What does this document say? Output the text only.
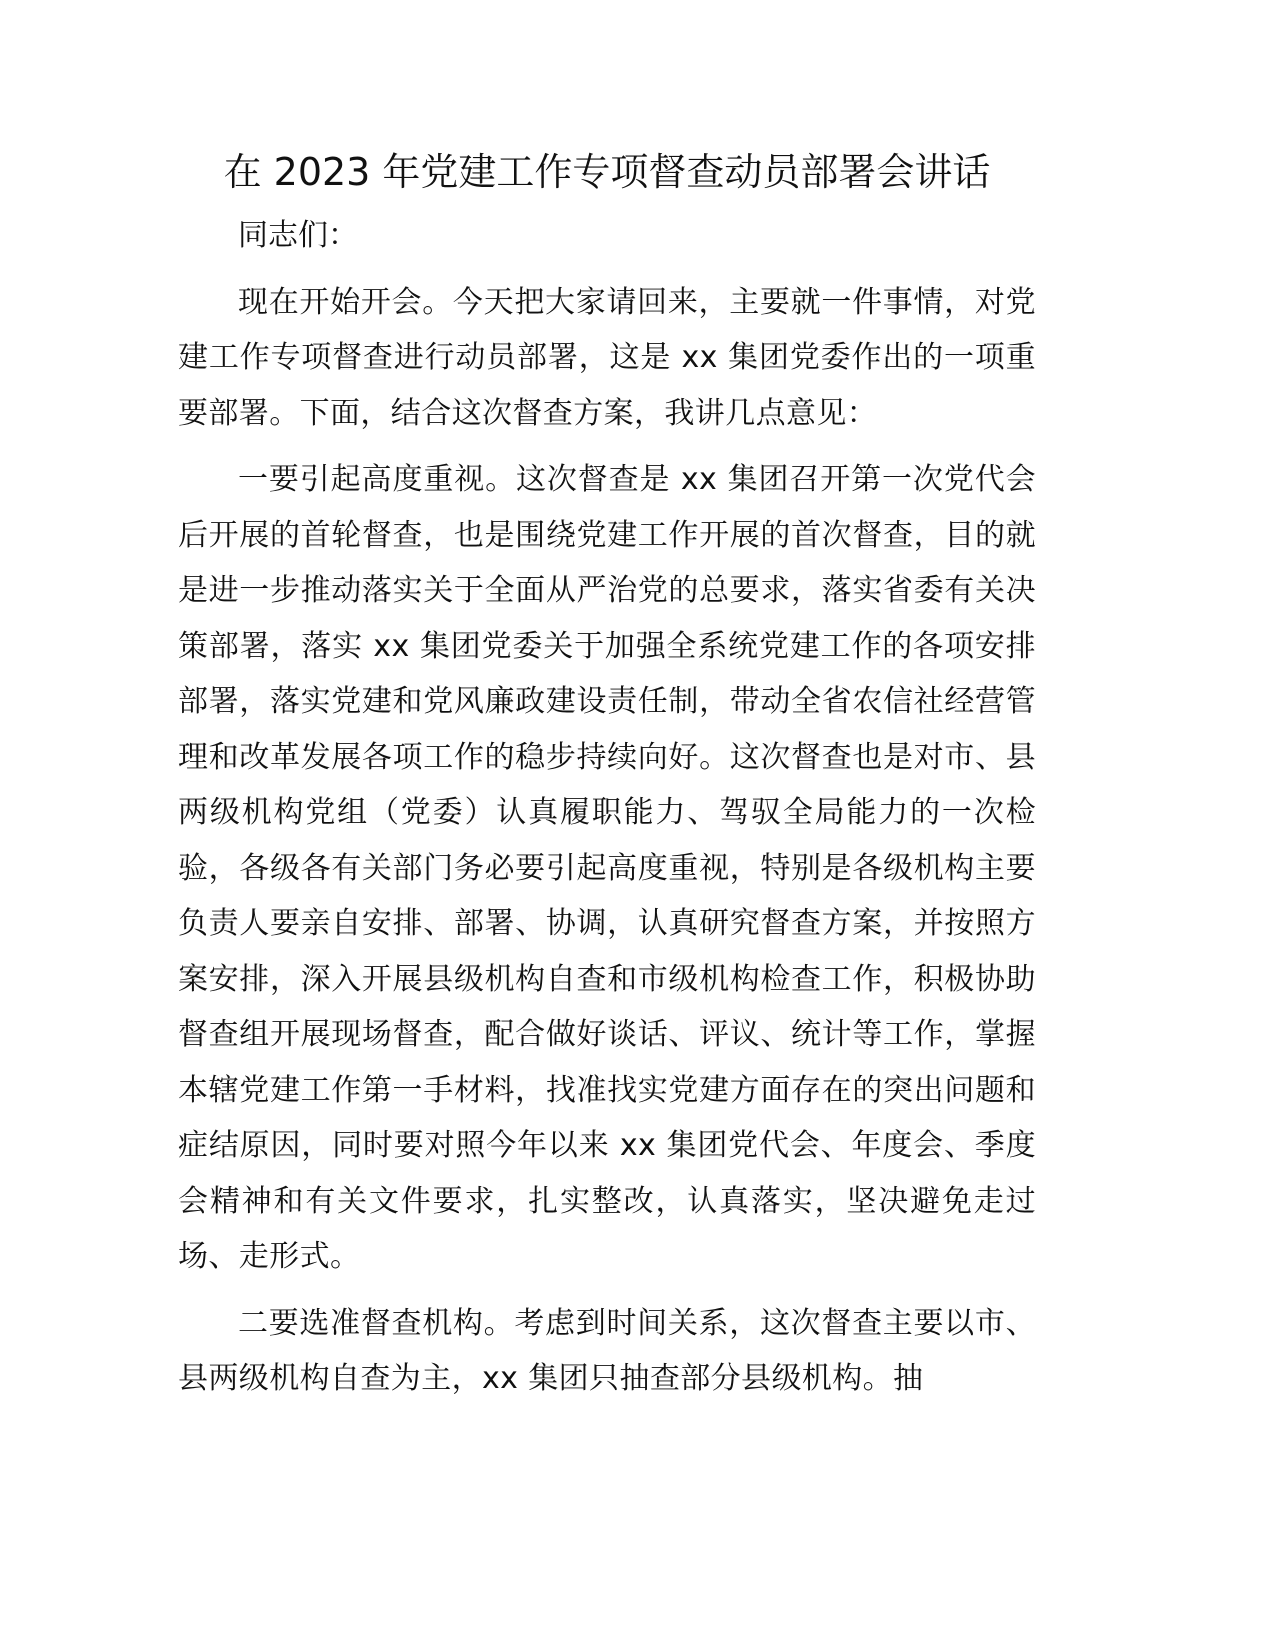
在 2023 年党建工作专项督查动员部署会讲话

同志们：

现在开始开会。今天把大家请回来，主要就一件事情，对党建工作专项督查进行动员部署，这是 xx 集团党委作出的一项重要部署。下面，结合这次督查方案，我讲几点意见：

一要引起高度重视。这次督查是 xx 集团召开第一次党代会后开展的首轮督查，也是围绕党建工作开展的首次督查，目的就是进一步推动落实关于全面从严治党的总要求，落实省委有关决策部署，落实 xx 集团党委关于加强全系统党建工作的各项安排部署，落实党建和党风廉政建设责任制，带动全省农信社经营管理和改革发展各项工作的稳步持续向好。这次督查也是对市、县两级机构党组（党委）认真履职能力、驾驭全局能力的一次检验，各级各有关部门务必要引起高度重视，特别是各级机构主要负责人要亲自安排、部署、协调，认真研究督查方案，并按照方案安排，深入开展县级机构自查和市级机构检查工作，积极协助督查组开展现场督查，配合做好谈话、评议、统计等工作，掌握本辖党建工作第一手材料，找准找实党建方面存在的突出问题和症结原因，同时要对照今年以来 xx 集团党代会、年度会、季度会精神和有关文件要求，扎实整改，认真落实，坚决避免走过场、走形式。

二要选准督查机构。考虑到时间关系，这次督查主要以市、县两级机构自查为主，xx 集团只抽查部分县级机构。抽
